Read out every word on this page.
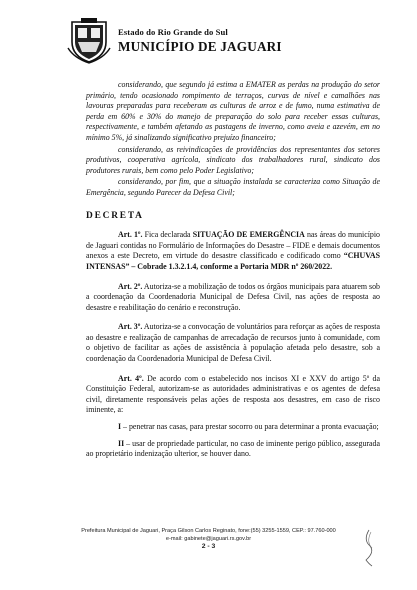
Estado do Rio Grande do Sul
MUNICÍPIO DE JAGUARI

considerando, que segundo já estima a EMATER as perdas na produção do setor primário, tendo ocasionado rompimento de terraços, curvas de nível e camalhões nas lavouras preparadas para receberam as culturas de arroz e de fumo, numa estimativa de perda em 60% e 30% do manejo de preparação do solo para receber essas culturas, respectivamente, e também afetando as pastagens de inverno, como aveia e azevém, em no mínimo 5%, já sinalizando significativo prejuízo financeiro;

considerando, as reivindicações de providências dos representantes dos setores produtivos, cooperativa agrícola, sindicato dos trabalhadores rural, sindicato dos produtores rurais, bem como pelo Poder Legislativo;

considerando, por fim, que a situação instalada se caracteriza como Situação de Emergência, segundo Parecer da Defesa Civil;

DECRETA

Art. 1º. Fica declarada SITUAÇÃO DE EMERGÊNCIA nas áreas do município de Jaguari contidas no Formulário de Informações do Desastre – FIDE e demais documentos anexos a este Decreto, em virtude do desastre classificado e codificado como “CHUVAS INTENSAS” – Cobrade 1.3.2.1.4, conforme a Portaria MDR nº 260/2022.

Art. 2º. Autoriza-se a mobilização de todos os órgãos municipais para atuarem sob a coordenação da Coordenadoria Municipal de Defesa Civil, nas ações de resposta ao desastre e reabilitação do cenário e reconstrução.

Art. 3º. Autoriza-se a convocação de voluntários para reforçar as ações de resposta ao desastre e realização de campanhas de arrecadação de recursos junto à comunidade, com o objetivo de facilitar as ações de assistência à população afetada pelo desastre, sob a coordenação da Coordenadoria Municipal de Defesa Civil.

Art. 4º. De acordo com o estabelecido nos incisos XI e XXV do artigo 5º da Constituição Federal, autorizam-se as autoridades administrativas e os agentes de defesa civil, diretamente responsáveis pelas ações de resposta aos desastres, em caso de risco iminente, a:

I – penetrar nas casas, para prestar socorro ou para determinar a pronta evacuação;

II – usar de propriedade particular, no caso de iminente perigo público, assegurada ao proprietário indenização ulterior, se houver dano.

Prefeitura Municipal de Jaguari, Praça Gilson Carlos Reginato, fone:(55) 3255-1559, CEP.: 97.760-000
e-mail: gabinete@jaguari.rs.gov.br
2 - 3
